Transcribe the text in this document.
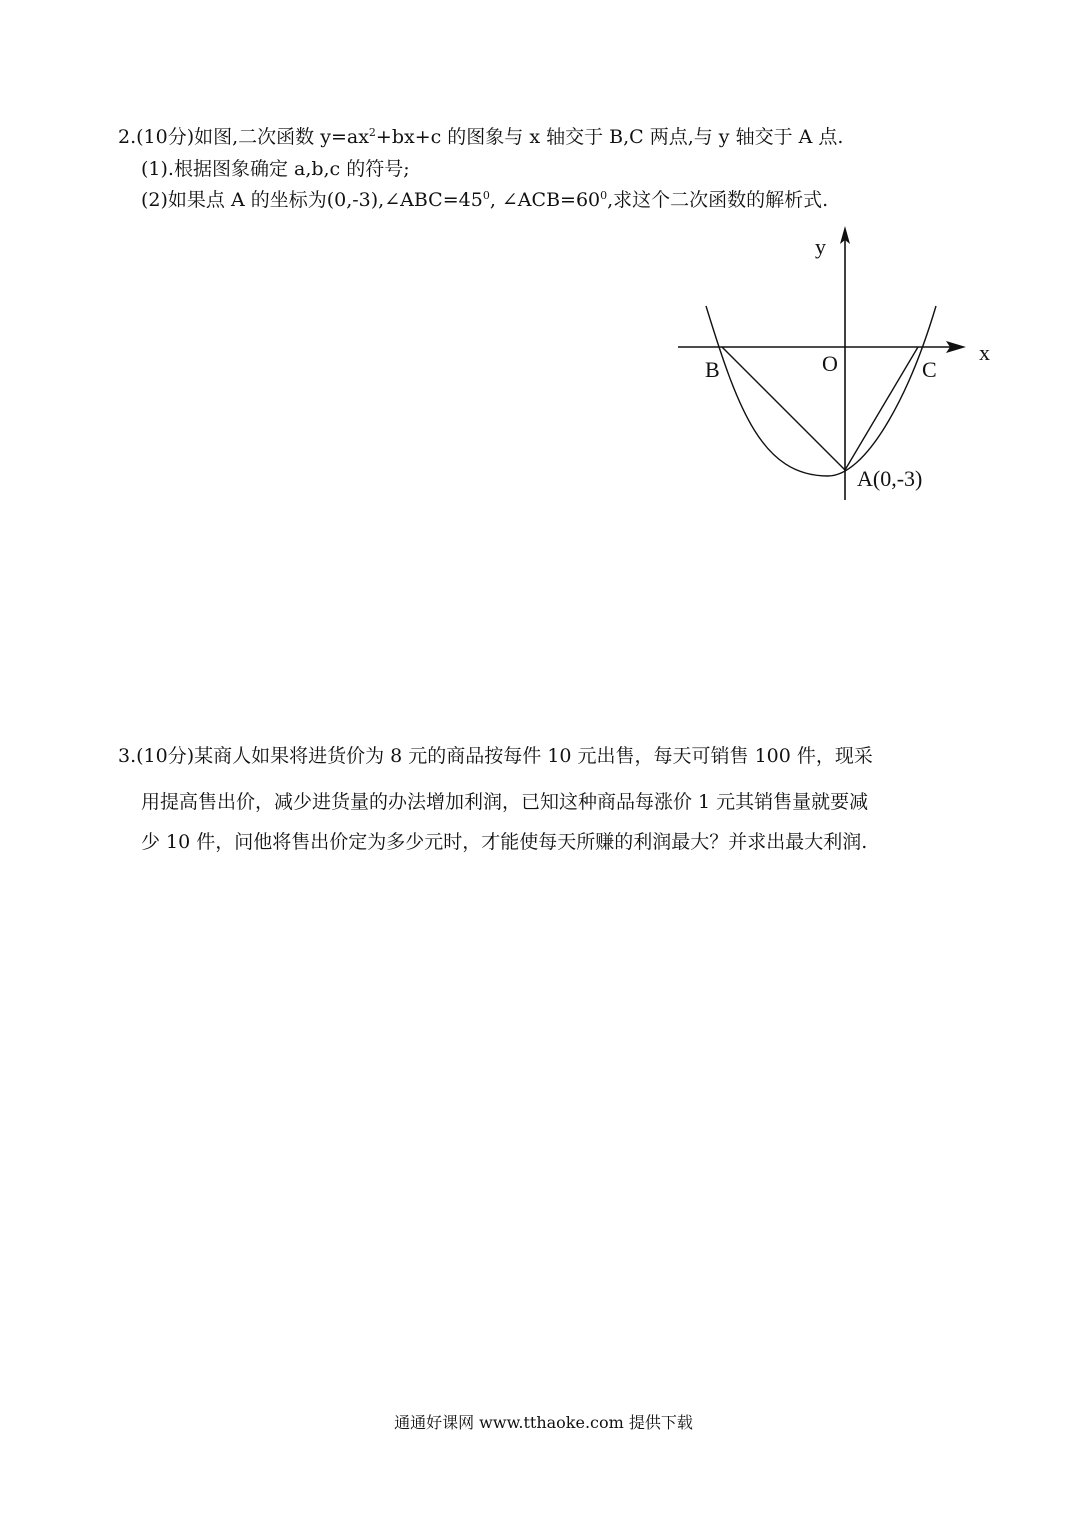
2.(10分)如图,二次函数 $y=ax^2+bx+c$ 的图象与 x 轴交于 B,C 两点,与 y 轴交于 A 点.
(1).根据图象确定 a,b,c 的符号;
(2)如果点 A 的坐标为$(0,-3),\angle ABC=45^0$, $\angle ACB=60^0$,求这个二次函数的解析式.
y
x
O
B	C
A(0,-3)
3.(10分)某商人如果将进货价为 8 元的商品按每件 10 元出售，每天可销售 100 件，现采
用提高售出价，减少进货量的办法增加利润，已知这种商品每涨价 1 元其销售量就要减
少 10 件，问他将售出价定为多少元时，才能使每天所赚的利润最大？并求出最大利润.
通通好课网 www.tthaoke.com 提供下载
